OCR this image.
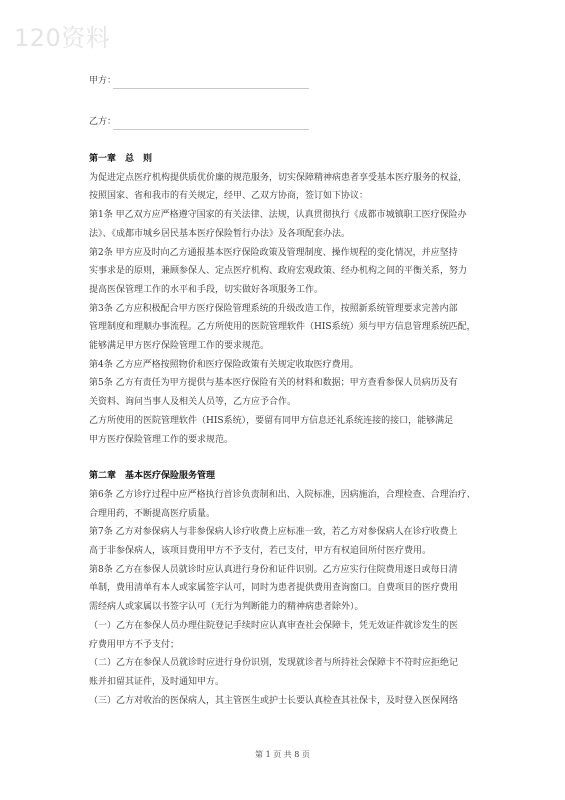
120资料
甲方：
乙方：

第一章　总　则

为促进定点医疗机构提供质优价廉的规范服务，切实保障精神病患者享受基本医疗服务的权益，
按照国家、省和我市的有关规定，经甲、乙双方协商，签订如下协议：

第1条 甲乙双方应严格遵守国家的有关法律、法规，认真贯彻执行《成都市城镇职工医疗保险办
法》、《成都市城乡居民基本医疗保险暂行办法》及各项配套办法。

第2条 甲方应及时向乙方通报基本医疗保险政策及管理制度、操作规程的变化情况，并应坚持
实事求是的原则，兼顾参保人、定点医疗机构、政府宏观政策、经办机构之间的平衡关系，努力
提高医保管理工作的水平和手段，切实做好各项服务工作。

第3条 乙方应积极配合甲方医疗保险管理系统的升级改造工作，按照新系统管理要求完善内部
管理制度和理顺办事流程。乙方所使用的医院管理软件（HIS系统）须与甲方信息管理系统匹配，
能够满足甲方医疗保险管理工作的要求规范。

第4条 乙方应严格按照物价和医疗保险政策有关规定收取医疗费用。

第5条 乙方有责任为甲方提供与基本医疗保险有关的材料和数据；甲方查看参保人员病历及有
关资料、询问当事人及相关人员等，乙方应予合作。

乙方所使用的医院管理软件（HIS系统），要留有同甲方信息还礼系统连接的接口，能够满足
甲方医疗保险管理工作的要求规范。

第二章　基本医疗保险服务管理

第6条 乙方诊疗过程中应严格执行首诊负责制和出、入院标准，因病施治，合理检查、合理治疗、
合理用药，不断提高医疗质量。

第7条 乙方对参保病人与非参保病人诊疗收费上应标准一致，若乙方对参保病人在诊疗收费上
高于非参保病人，该项目费用甲方不予支付，若已支付，甲方有权追回所付医疗费用。

第8条 乙方在参保人员就诊时应认真进行身份和证件识别。乙方应实行住院费用逐日或每日清
单制，费用清单有本人或家属签字认可，同时为患者提供费用查询窗口。自费项目的医疗费用
需经病人或家属以书签字认可（无行为判断能力的精神病患者除外）。

（一）乙方在参保人员办理住院登记手续时应认真审查社会保障卡，凭无效证件就诊发生的医
疗费用甲方不予支付；

（二）乙方在参保人员就诊时应进行身份识别，发现就诊者与所持社会保障卡不符时应拒绝记
账并扣留其证件，及时通知甲方。

（三）乙方对收治的医保病人，其主管医生或护士长要认真检查其社保卡，及时登入医保网络

第 1 页 共 8 页
